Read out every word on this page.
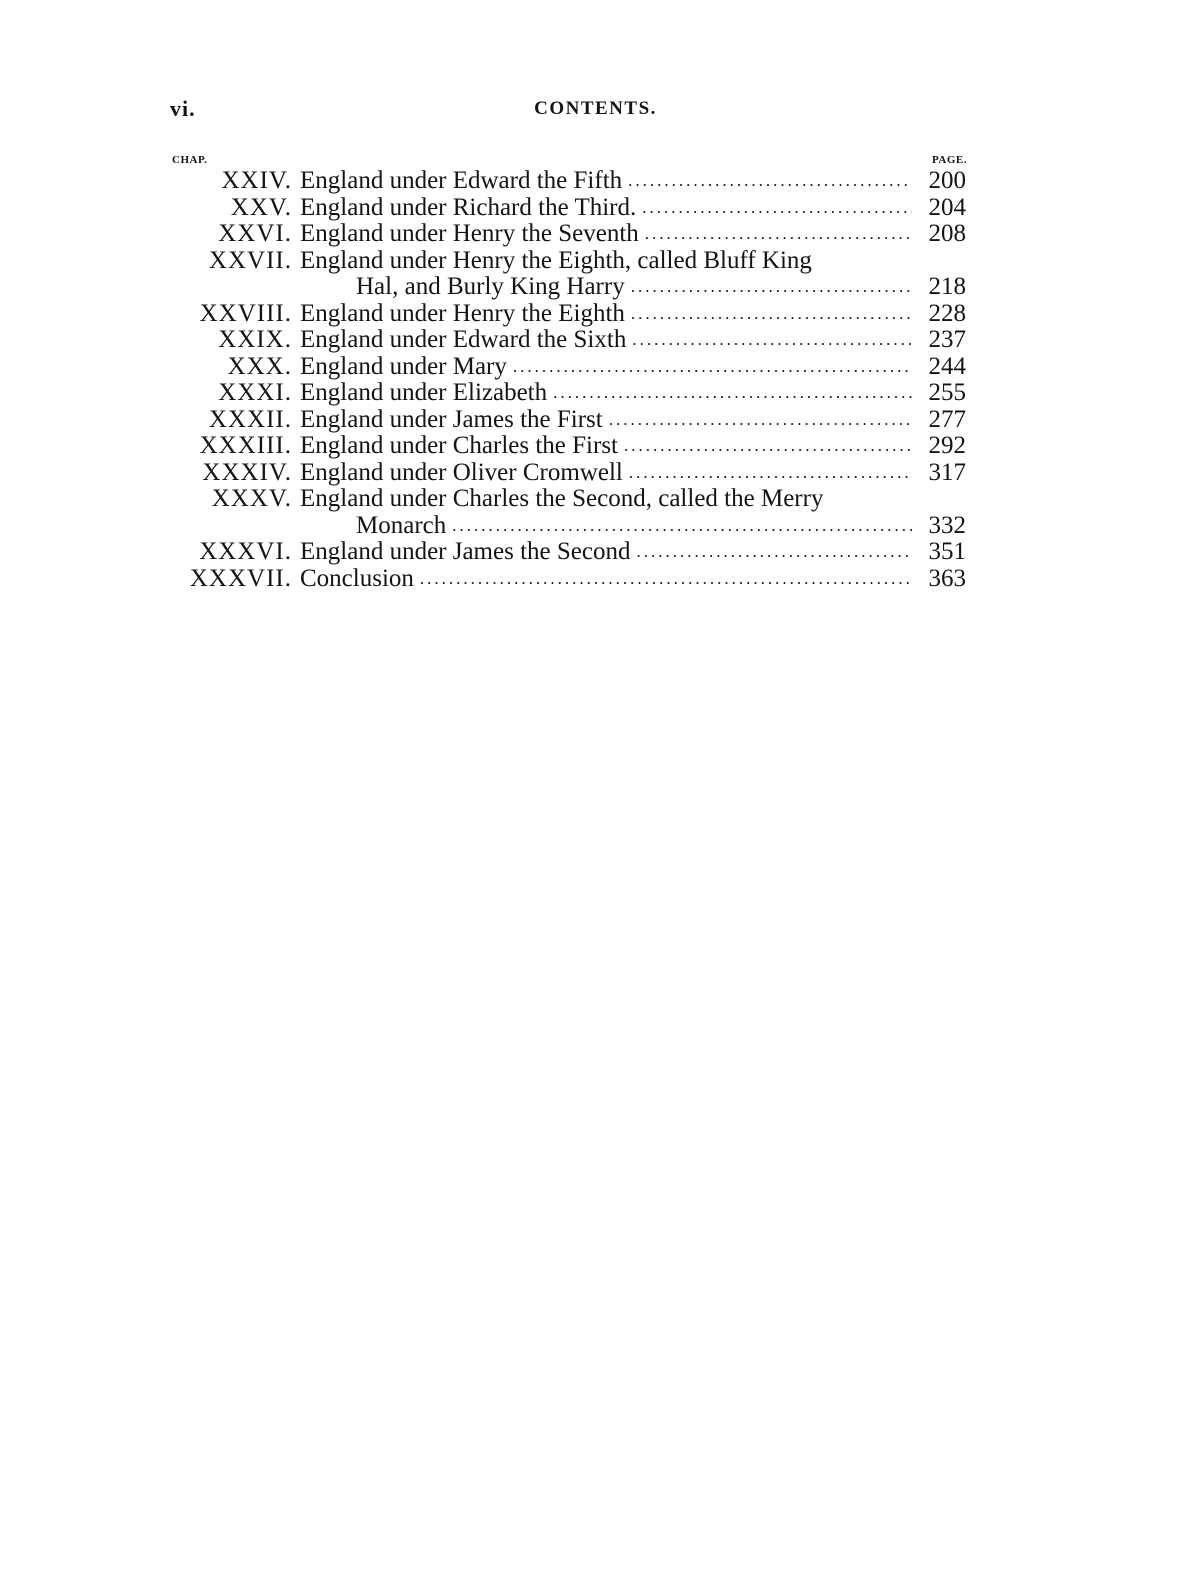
vi.	CONTENTS.
CHAP.	PAGE.
XXIV. England under Edward the Fifth .....	200
XXV. England under Richard the Third. .....	204
XXVI. England under Henry the Seventh .....	208
XXVII. England under Henry the Eighth, called Bluff King
Hal, and Burly King Harry .....	218
XXVIII. England under Henry the Eighth .....	228
XXIX. England under Edward the Sixth .....	237
XXX. England under Mary .....	244
XXXI. England under Elizabeth .....	255
XXXII. England under James the First .....	277
XXXIII. England under Charles the First .....	292
XXXIV. England under Oliver Cromwell .....	317
XXXV. England under Charles the Second, called the Merry
Monarch .....	332
XXXVI. England under James the Second .....	351
XXXVII. Conclusion .....	363
